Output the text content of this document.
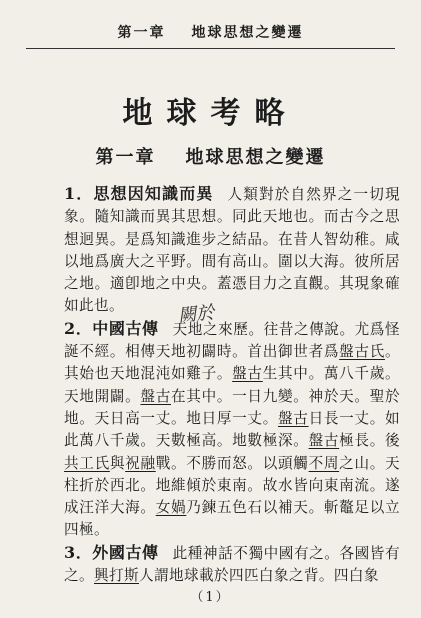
第一章 地球思想之變遷
地球考略
第一章 地球思想之變遷

1．思想因知識而異 人類對於自然界之一切現象。隨知識而異其思想。同此天地也。而古今之思想迥異。是爲知識進步之結品。在昔人智幼稚。咸以地爲廣大之平野。間有高山。圍以大海。彼所居之地。適卽地之中央。蓋憑目力之直觀。其現象確如此也。

2．中國古傳 天地之來歷。往昔之傳說。尤爲怪誕不經。相傳天地初闢時。首出御世者爲盤古氏。其始也天地混沌如雞子。盤古生其中。萬八千歲。天地開闢。盤古在其中。一日九變。神於天。聖於地。天日高一丈。地日厚一丈。盤古日長一丈。如此萬八千歲。天數極高。地數極深。盤古極長。後共工氏與祝融戰。不勝而怒。以頭觸不周之山。天柱折於西北。地維傾於東南。故水皆向東南流。遂成汪洋大海。女媧乃鍊五色石以補天。斬鼇足以立四極。

3．外國古傳 此種神話不獨中國有之。各國皆有之。興打斯人謂地球載於四匹白象之背。四白象

闕於
（1）
